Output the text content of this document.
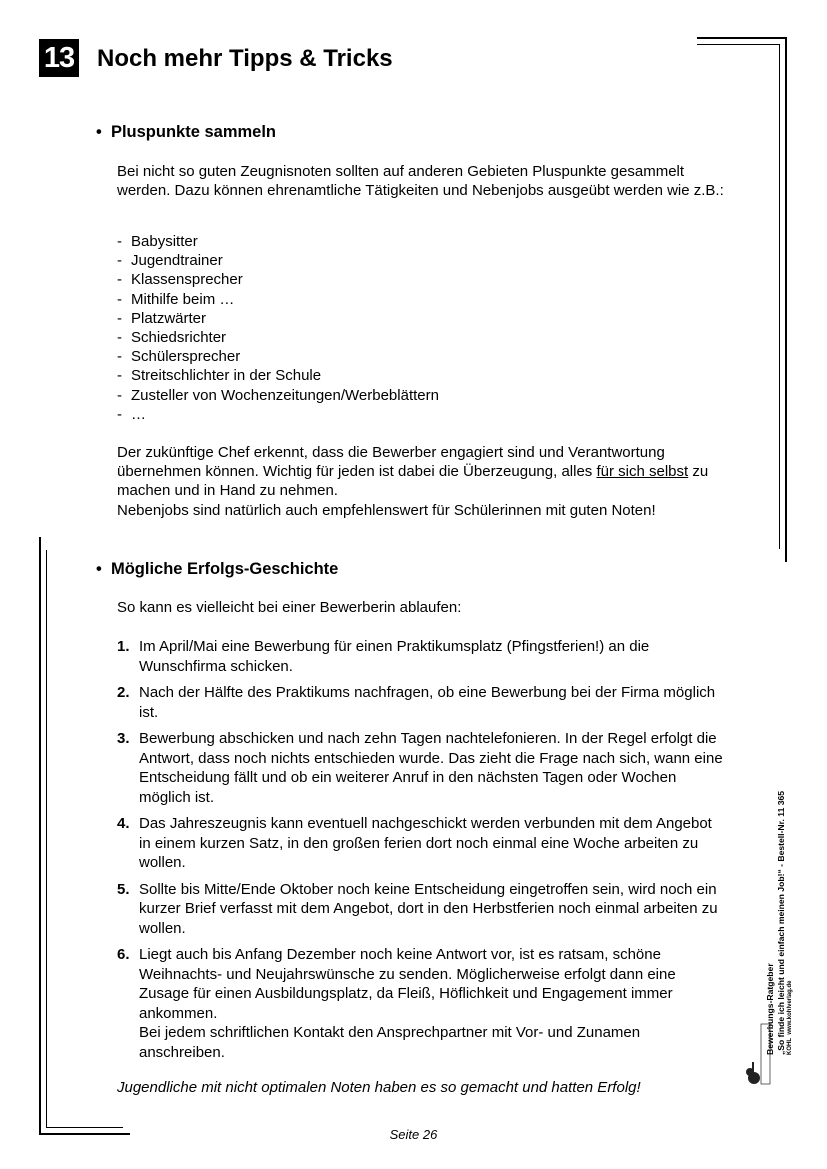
13 Noch mehr Tipps & Tricks
• Pluspunkte sammeln

Bei nicht so guten Zeugnisnoten sollten auf anderen Gebieten Pluspunkte gesammelt werden. Dazu können ehrenamtliche Tätigkeiten und Nebenjobs ausgeübt werden wie z.B.:

- Babysitter
- Jugendtrainer
- Klassensprecher
- Mithilfe beim …
- Platzwärter
- Schiedsrichter
- Schülersprecher
- Streitschlichter in der Schule
- Zusteller von Wochenzeitungen/Werbeblättern
- …

Der zukünftige Chef erkennt, dass die Bewerber engagiert sind und Verantwortung übernehmen können. Wichtig für jeden ist dabei die Überzeugung, alles für sich selbst zu machen und in Hand zu nehmen.

Nebenjobs sind natürlich auch empfehlenswert für Schülerinnen mit guten Noten!

• Mögliche Erfolgs-Geschichte

So kann es vielleicht bei einer Bewerberin ablaufen:

1. Im April/Mai eine Bewerbung für einen Praktikumsplatz (Pfingstferien!) an die Wunschfirma schicken.
2. Nach der Hälfte des Praktikums nachfragen, ob eine Bewerbung bei der Firma möglich ist.
3. Bewerbung abschicken und nach zehn Tagen nachtelefonieren. In der Regel erfolgt die Antwort, dass noch nichts entschieden wurde. Das zieht die Frage nach sich, wann eine Entscheidung fällt und ob ein weiterer Anruf in den nächsten Tagen oder Wochen möglich ist.
4. Das Jahreszeugnis kann eventuell nachgeschickt werden verbunden mit dem Angebot in einem kurzen Satz, in den großen ferien dort noch einmal eine Woche arbeiten zu wollen.
5. Sollte bis Mitte/Ende Oktober noch keine Entscheidung eingetroffen sein, wird noch ein kurzer Brief verfasst mit dem Angebot, dort in den Herbstferien noch einmal arbeiten zu wollen.
6. Liegt auch bis Anfang Dezember noch keine Antwort vor, ist es ratsam, schöne Weihnachts- und Neujahrswünsche zu senden. Möglicherweise erfolgt dann eine Zusage für einen Ausbildungsplatz, da Fleiß, Höflichkeit und Engagement immer ankommen.
Bei jedem schriftlichen Kontakt den Ansprechpartner mit Vor- und Zunamen anschreiben.
Jugendliche mit nicht optimalen Noten haben es so gemacht und hatten Erfolg!
Bewerbungs-Ratgeber „So finde ich leicht und einfach meinen Job!“ - Bestell-Nr. 11 365 KOHL  www.kohlverlag.de
Seite 26
